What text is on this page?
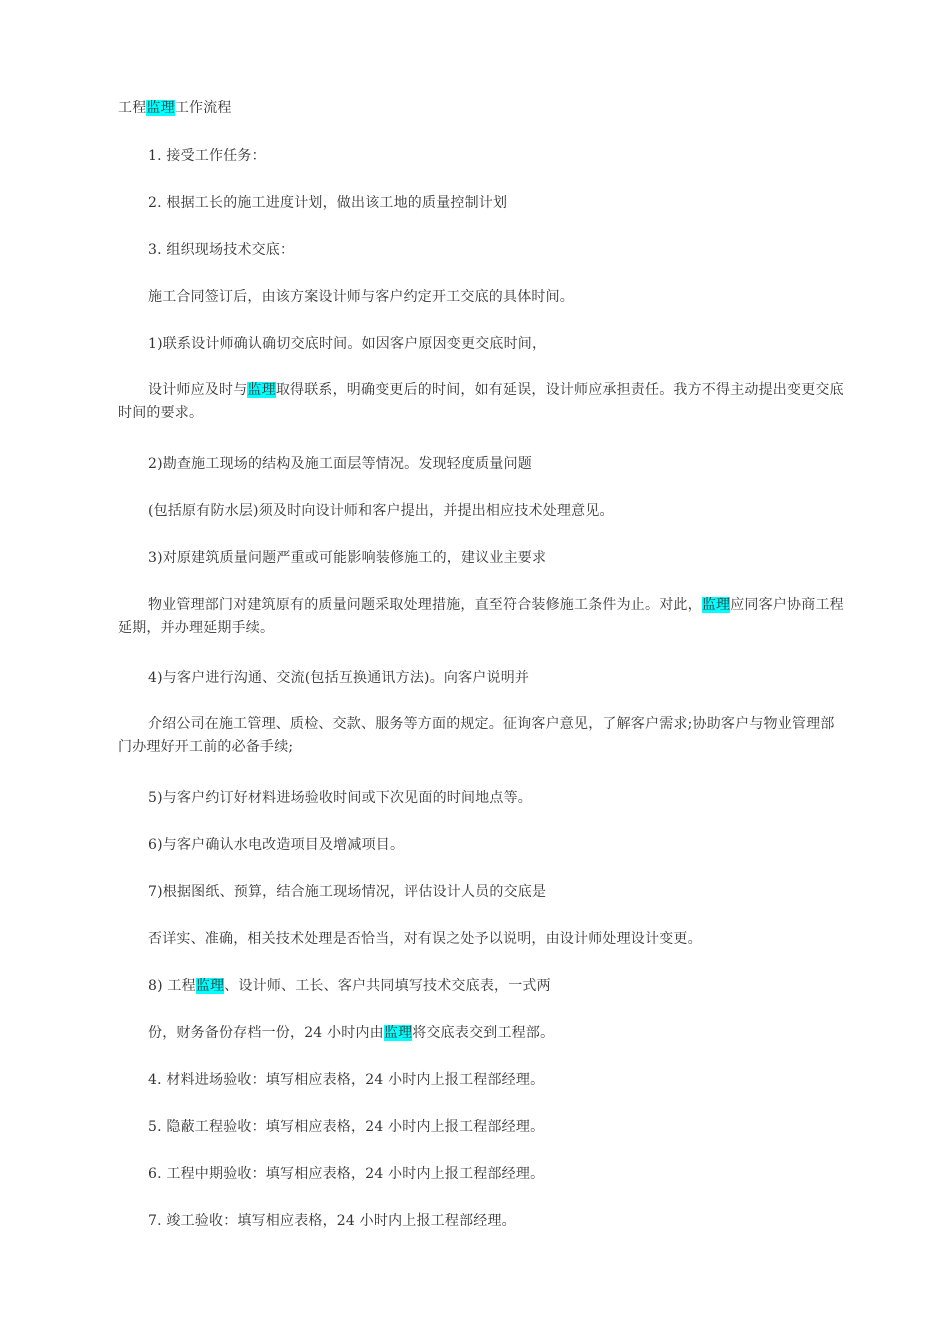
工程监理工作流程
1. 接受工作任务：
2. 根据工长的施工进度计划，做出该工地的质量控制计划
3. 组织现场技术交底：
施工合同签订后，由该方案设计师与客户约定开工交底的具体时间。
1)联系设计师确认确切交底时间。如因客户原因变更交底时间，
设计师应及时与监理取得联系，明确变更后的时间，如有延误，设计师应承担责任。我方不得主动提出变更交底时间的要求。
2)勘查施工现场的结构及施工面层等情况。发现轻度质量问题
(包括原有防水层)须及时向设计师和客户提出，并提出相应技术处理意见。
3)对原建筑质量问题严重或可能影响装修施工的，建议业主要求
物业管理部门对建筑原有的质量问题采取处理措施，直至符合装修施工条件为止。对此，监理应同客户协商工程延期，并办理延期手续。
4)与客户进行沟通、交流(包括互换通讯方法)。向客户说明并
介绍公司在施工管理、质检、交款、服务等方面的规定。征询客户意见，了解客户需求;协助客户与物业管理部门办理好开工前的必备手续;
5)与客户约订好材料进场验收时间或下次见面的时间地点等。
6)与客户确认水电改造项目及增减项目。
7)根据图纸、预算，结合施工现场情况，评估设计人员的交底是
否详实、准确，相关技术处理是否恰当，对有误之处予以说明，由设计师处理设计变更。
8) 工程监理、设计师、工长、客户共同填写技术交底表，一式两
份，财务备份存档一份，24 小时内由监理将交底表交到工程部。
4. 材料进场验收：填写相应表格，24 小时内上报工程部经理。
5. 隐蔽工程验收：填写相应表格，24 小时内上报工程部经理。
6. 工程中期验收：填写相应表格，24 小时内上报工程部经理。
7. 竣工验收：填写相应表格，24 小时内上报工程部经理。
